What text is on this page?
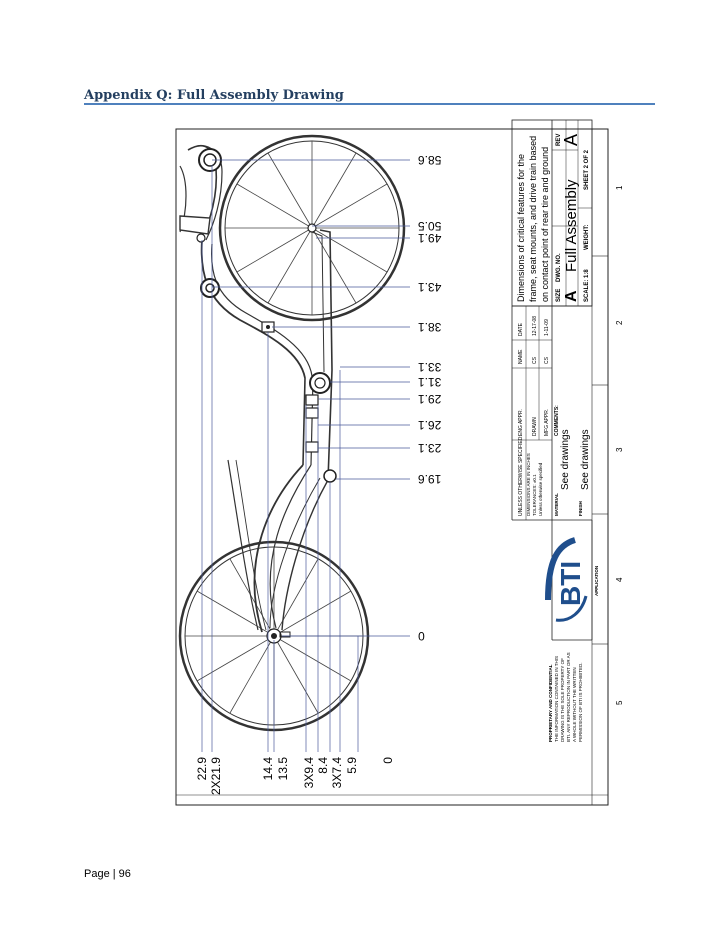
Appendix Q: Full Assembly Drawing
1
2
3
4
5
58.6
50.5
49.1
43.1
38.1
33.1
31.1
29.1
26.1
23.1
19.6
0
22.9 2X21.9	14.4 13.5 3X9.4 8.4 3X7.4 5.9 0
Dimensions of critical features for the frame, seat mounts, and drive train based on contact point of rear tire and ground SIZE A
DWG. NO. Full Assembly
REV A
SCALE: 1:8
WEIGHT:
SHEET 2 OF 2
NAME
DATE
DRAWN
CS
12-17-08
MFG APPR.
CS
1-11-09
ENG APPR.	COMMENTS:
UNLESS OTHERWISE SPECIFIED: DIMENSIONS ARE IN INCHES TOLERANCES: ±0.1 Unless otherwise specified MATERIAL
See drawings
FINISH
See drawings
APPLICATION
BTI
PROPRIETARY AND CONFIDENTIAL THE INFORMATION CONTAINED IN THIS DRAWING IS THE SOLE PROPERTY OF BTI. ANY REPRODUCTION IN PART OR AS A WHOLE WITHOUT THE WRITTEN PERMISSION OF BTI IS PROHIBITED.
Page | 96
